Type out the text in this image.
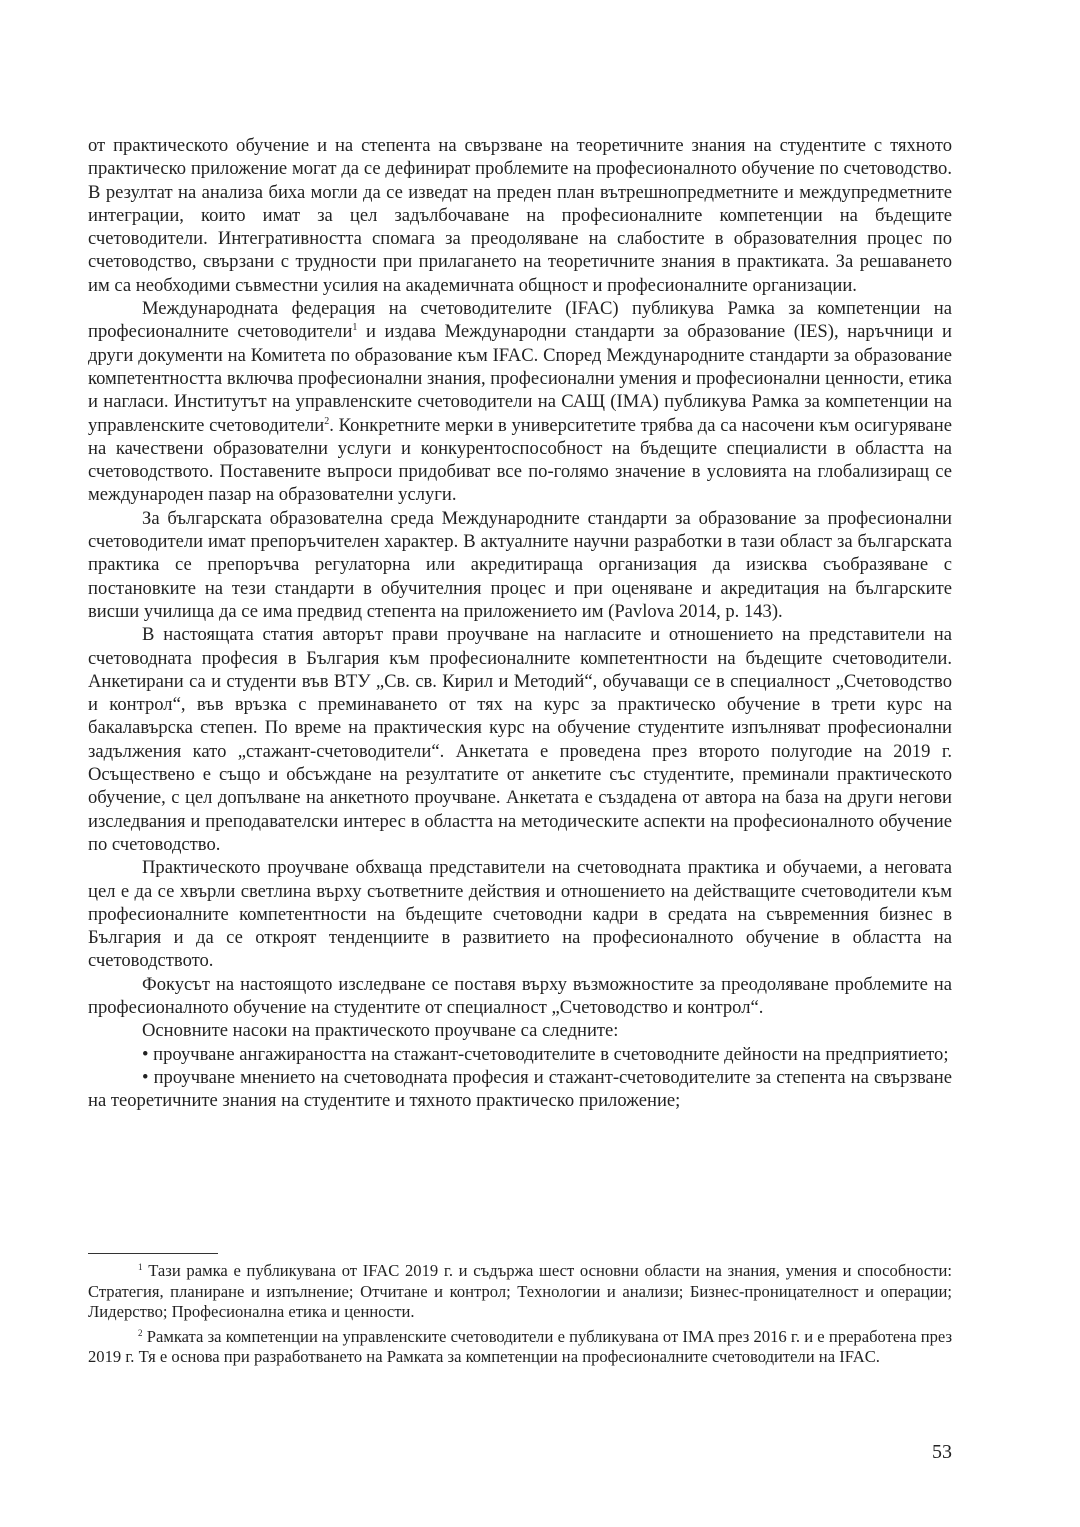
от практическото обучение и на степента на свързване на теоретичните знания на студентите с тяхното практическо приложение могат да се дефинират проблемите на професионалното обучение по счетоводство. В резултат на анализа биха могли да се изведат на преден план вътрешнопредметните и междупредметните интеграции, които имат за цел задълбочаване на професионалните компетенции на бъдещите счетоводители. Интегративността спомага за преодоляване на слабостите в образователния процес по счетоводство, свързани с трудности при прилагането на теоретичните знания в практиката. За решаването им са необходими съвместни усилия на академичната общност и професионалните организации.

Международната федерация на счетоводителите (IFAC) публикува Рамка за компетенции на професионалните счетоводители$^1$ и издава Международни стандарти за образование (IES), наръчници и други документи на Комитета по образование към IFAC. Според Международните стандарти за образование компетентността включва професионални знания, професионални умения и професионални ценности, етика и нагласи. Институтът на управленските счетоводители на САЩ (IMA) публикува Рамка за компетенции на управленските счетоводители$^2$. Конкретните мерки в университетите трябва да са насочени към осигуряване на качествени образователни услуги и конкурентоспособност на бъдещите специалисти в областта на счетоводството. Поставените въпроси придобиват все по-голямо значение в условията на глобализиращ се международен пазар на образователни услуги.

За българската образователна среда Международните стандарти за образование за професионални счетоводители имат препоръчителен характер. В актуалните научни разработки в тази област за българската практика се препоръчва регулаторна или акредитираща организация да изисква съобразяване с постановките на тези стандарти в обучителния процес и при оценяване и акредитация на българските висши училища да се има предвид степента на приложението им (Pavlova 2014, p. 143).

В настоящата статия авторът прави проучване на нагласите и отношението на представители на счетоводната професия в България към професионалните компетентности на бъдещите счетоводители. Анкетирани са и студенти във ВТУ „Св. св. Кирил и Методий“, обучаващи се в специалност „Счетоводство и контрол“, във връзка с преминаването от тях на курс за практическо обучение в трети курс на бакалавърска степен. По време на практическия курс на обучение студентите изпълняват професионални задължения като „стажант-счетоводители“. Анкетата е проведена през второто полугодие на 2019 г. Осъществено е също и обсъждане на резултатите от анкетите със студентите, преминали практическото обучение, с цел допълване на анкетното проучване. Анкетата е създадена от автора на база на други негови изследвания и преподавателски интерес в областта на методическите аспекти на професионалното обучение по счетоводство.

Практическото проучване обхваща представители на счетоводната практика и обучаеми, а неговата цел е да се хвърли светлина върху съответните действия и отношението на действащите счетоводители към професионалните компетентности на бъдещите счетоводни кадри в средата на съвременния бизнес в България и да се откроят тенденциите в развитието на професионалното обучение в областта на счетоводството.

Фокусът на настоящото изследване се поставя върху възможностите за преодоляване проблемите на професионалното обучение на студентите от специалност „Счетоводство и контрол“.

Основните насоки на практическото проучване са следните:

• проучване ангажираността на стажант-счетоводителите в счетоводните дейности на предприятието;

• проучване мнението на счетоводната професия и стажант-счетоводителите за степента на свързване на теоретичните знания на студентите и тяхното практическо приложение;

$^1$ Тази рамка е публикувана от IFAC 2019 г. и съдържа шест основни области на знания, умения и способности: Стратегия, планиране и изпълнение; Отчитане и контрол; Технологии и анализи; Бизнес-проницателност и операции; Лидерство; Професионална етика и ценности.

$^2$ Рамката за компетенции на управленските счетоводители е публикувана от IMA през 2016 г. и е преработена през 2019 г. Тя е основа при разработването на Рамката за компетенции на професионалните счетоводители на IFAC.

53
